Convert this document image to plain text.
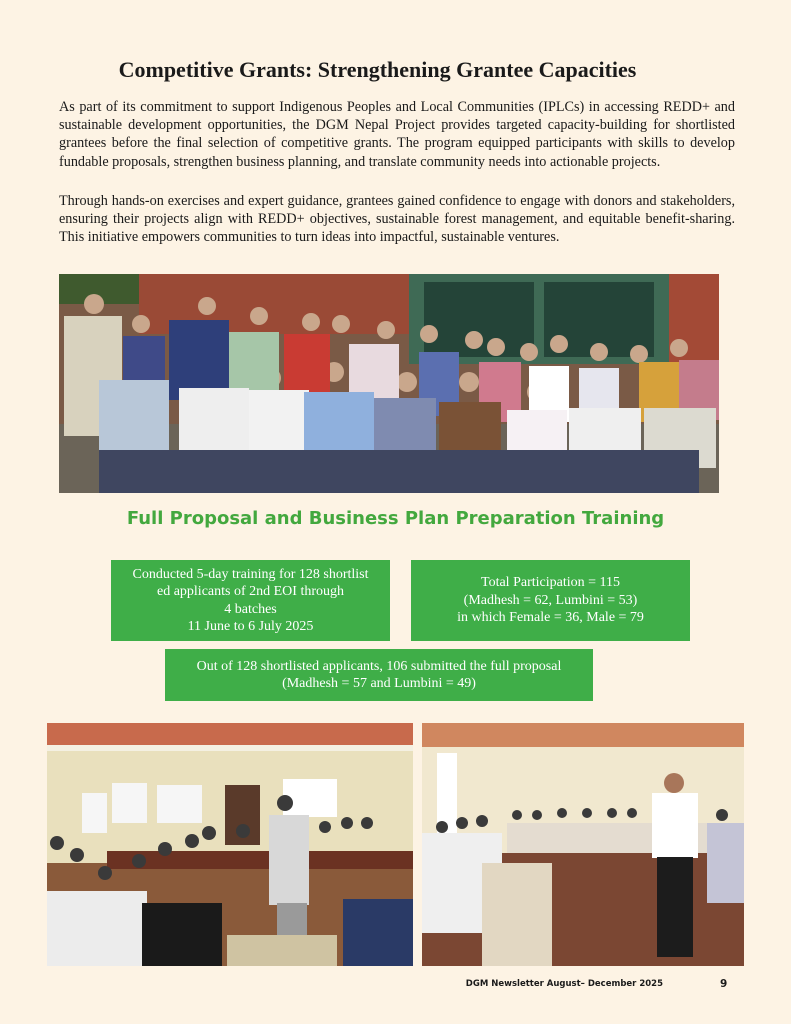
Competitive Grants: Strengthening Grantee Capacities

As part of its commitment to support Indigenous Peoples and Local Communities (IPLCs) in accessing REDD+ and sustainable development opportunities, the DGM Nepal Project provides targeted capacity-building for shortlisted grantees before the final selection of competitive grants. The program equipped participants with skills to develop fundable proposals, strengthen business planning, and translate community needs into actionable projects.

Through hands-on exercises and expert guidance, grantees gained confidence to engage with donors and stakeholders, ensuring their projects align with REDD+ objectives, sustainable forest management, and equitable benefit-sharing. This initiative empowers communities to turn ideas into impactful, sustainable ventures.

Full Proposal and Business Plan Preparation Training
Conducted 5-day training for 128 shortlist
ed applicants of 2nd EOI through
4 batches
11 June to 6 July 2025
Total Participation = 115
(Madhesh = 62, Lumbini = 53)
in which Female = 36, Male = 79
Out of 128 shortlisted applicants, 106 submitted the full proposal
(Madhesh = 57 and Lumbini = 49)
DGM Newsletter August– December 2025	9
